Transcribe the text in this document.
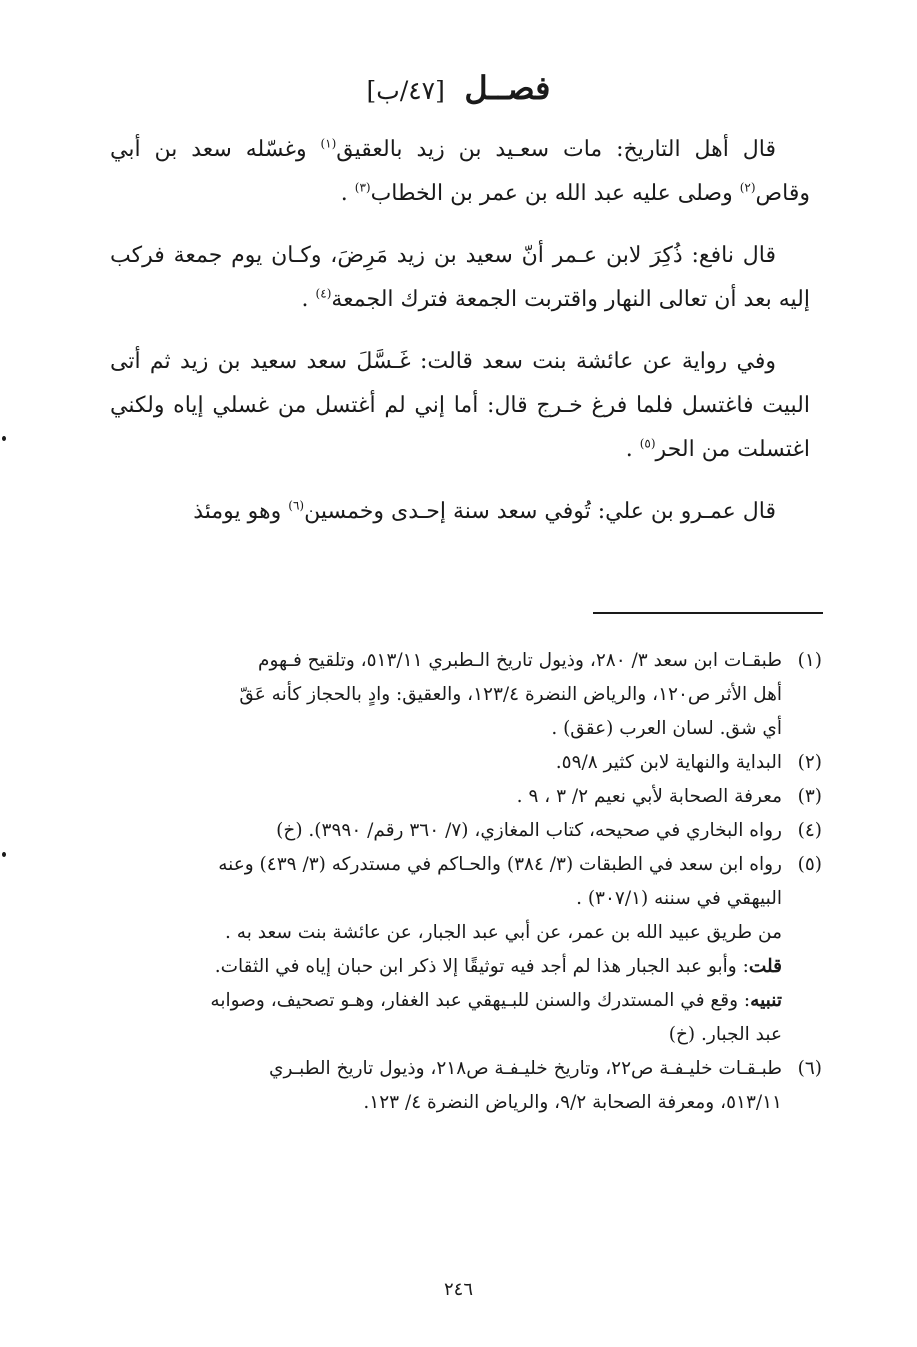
فصــل [٤٧/ب]

قال أهل التاريخ: مات سعـيد بن زيد بالعقيق$^{(١)}$ وغسّله سعد بن أبي وقاص$^{(٢)}$ وصلى عليه عبد الله بن عمر بن الخطاب$^{(٣)}$ .

قال نافع: ذُكِرَ لابن عـمر أنّ سعيد بن زيد مَرِضَ، وكـان يوم جمعة فركب إليه بعد أن تعالى النهار واقتربت الجمعة فترك الجمعة$^{(٤)}$ .

وفي رواية عن عائشة بنت سعد قالت: غَـسَّلَ سعد سعيد بن زيد ثم أتى البيت فاغتسل فلما فرغ خـرج قال: أما إني لم أغتسل من غسلي إياه ولكني اغتسلت من الحر$^{(٥)}$ .

قال عمـرو بن علي: تُوفي سعد سنة إحـدى وخمسين$^{(٦)}$ وهو يومئذ

(١)
طبقـات ابن سعد ٣/ ٢٨٠، وذيول تاريخ الـطبري ٥١٣/١١، وتلقيح فـهوم
أهل الأثر ص١٢٠، والرياض النضرة ١٢٣/٤، والعقيق: وادٍ بالحجاز كأنه عَقّ
أي شق. لسان العرب (عقق) .
(٢)
البداية والنهاية لابن كثير ٥٩/٨.
(٣)
معرفة الصحابة لأبي نعيم ٢/ ٣ ، ٩ .
(٤)
رواه البخاري في صحيحه، كتاب المغازي، (٧/ ٣٦٠ رقم/ ٣٩٩٠). (خ)
(٥)
رواه ابن سعد في الطبقات (٣/ ٣٨٤) والحـاكم في مستدركه (٣/ ٤٣٩) وعنه
البيهقي في سننه (٣٠٧/١) .
من طريق عبيد الله بن عمر، عن أبي عبد الجبار، عن عائشة بنت سعد به .
قلت: وأبو عبد الجبار هذا لم أجد فيه توثيقًا إلا ذكر ابن حبان إياه في الثقات.
تنبيه: وقع في المستدرك والسنن للبـيهقي عبد الغفار، وهـو تصحيف، وصوابه
عبد الجبار. (خ)
(٦)
طبـقـات خليـفـة ص٢٢، وتاريخ خليـفـة ص٢١٨، وذيول تاريخ الطبـري
٥١٣/١١، ومعرفة الصحابة ٩/٢، والرياض النضرة ٤/ ١٢٣.
٢٤٦
